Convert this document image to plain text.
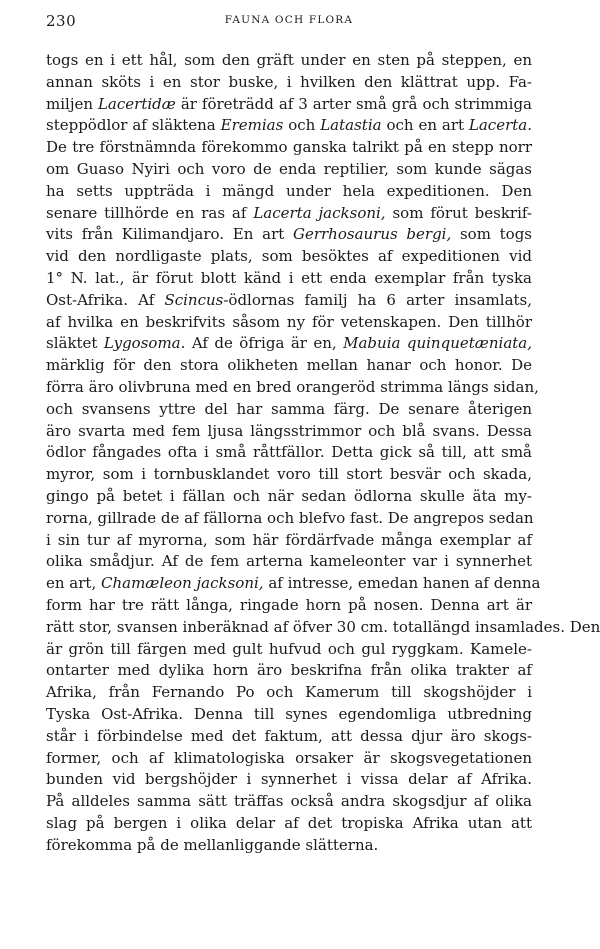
230	FAUNA OCH FLORA
togs en i ett hål, som den gräft under en sten på steppen, en
annan sköts i en stor buske, i hvilken den klättrat upp. Fa-
miljen Lacertidæ är företrädd af 3 arter små grå och strimmiga
steppödlor af släktena Eremias och Latastia och en art Lacerta.
De tre förstnämnda förekommo ganska talrikt på en stepp norr
om Guaso Nyiri och voro de enda reptilier, som kunde sägas
ha setts uppträda i mängd under hela expeditionen. Den
senare tillhörde en ras af Lacerta jacksoni, som förut beskrif-
vits från Kilimandjaro. En art Gerrhosaurus bergi, som togs
vid den nordligaste plats, som besöktes af expeditionen vid
1° N. lat., är förut blott känd i ett enda exemplar från tyska
Ost-Afrika. Af Scincus-ödlornas familj ha 6 arter insamlats,
af hvilka en beskrifvits såsom ny för vetenskapen. Den tillhör
släktet Lygosoma. Af de öfriga är en, Mabuia quinquetæniata,
märklig för den stora olikheten mellan hanar och honor. De
förra äro olivbruna med en bred orangeröd strimma längs sidan,
och svansens yttre del har samma färg. De senare återigen
äro svarta med fem ljusa längsstrimmor och blå svans. Dessa
ödlor fångades ofta i små råttfällor. Detta gick så till, att små
myror, som i tornbusklandet voro till stort besvär och skada,
gingo på betet i fällan och när sedan ödlorna skulle äta my-
rorna, gillrade de af fällorna och blefvo fast. De angrepos sedan
i sin tur af myrorna, som här fördärfvade många exemplar af
olika smådjur. Af de fem arterna kameleonter var i synnerhet
en art, Chamæleon jacksoni, af intresse, emedan hanen af denna
form har tre rätt långa, ringade horn på nosen. Denna art är
rätt stor, svansen inberäknad af öfver 30 cm. totallängd insamlades. Den
är grön till färgen med gult hufvud och gul ryggkam. Kamele-
ontarter med dylika horn äro beskrifna från olika trakter af
Afrika, från Fernando Po och Kamerum till skogshöjder i
Tyska Ost-Afrika. Denna till synes egendomliga utbredning
står i förbindelse med det faktum, att dessa djur äro skogs-
former, och af klimatologiska orsaker är skogsvegetationen
bunden vid bergshöjder i synnerhet i vissa delar af Afrika.
På alldeles samma sätt träffas också andra skogsdjur af olika
slag på bergen i olika delar af det tropiska Afrika utan att
förekomma på de mellanliggande slätterna.
